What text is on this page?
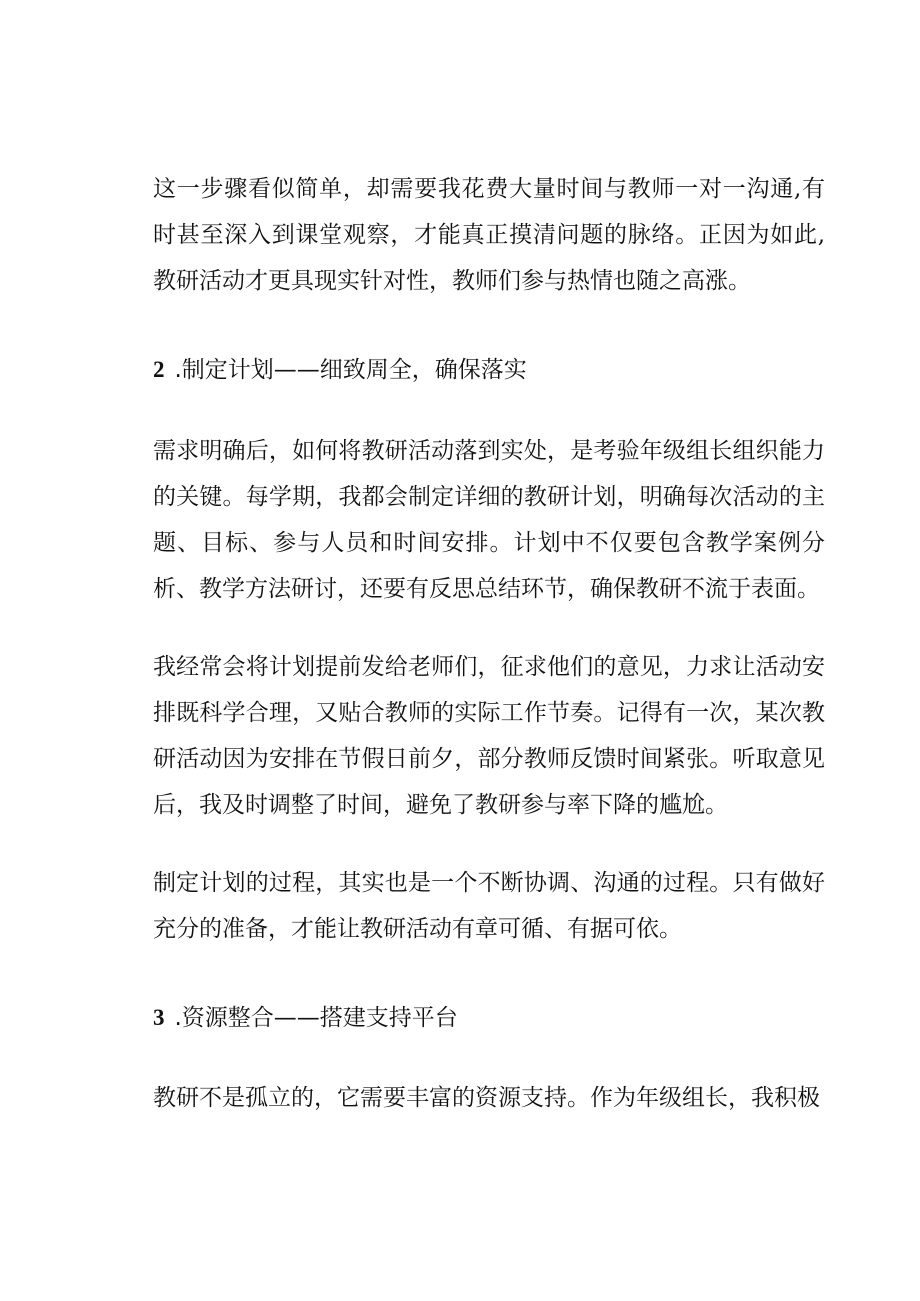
这一步骤看似简单，却需要我花费大量时间与教师一对一沟通,有时甚至深入到课堂观察，才能真正摸清问题的脉络。正因为如此,教研活动才更具现实针对性，教师们参与热情也随之高涨。

2 .制定计划——细致周全，确保落实

需求明确后，如何将教研活动落到实处，是考验年级组长组织能力的关键。每学期，我都会制定详细的教研计划，明确每次活动的主题、目标、参与人员和时间安排。计划中不仅要包含教学案例分析、教学方法研讨，还要有反思总结环节，确保教研不流于表面。

我经常会将计划提前发给老师们，征求他们的意见，力求让活动安排既科学合理，又贴合教师的实际工作节奏。记得有一次，某次教研活动因为安排在节假日前夕，部分教师反馈时间紧张。听取意见后，我及时调整了时间，避免了教研参与率下降的尴尬。

制定计划的过程，其实也是一个不断协调、沟通的过程。只有做好充分的准备，才能让教研活动有章可循、有据可依。

3 .资源整合——搭建支持平台

教研不是孤立的，它需要丰富的资源支持。作为年级组长，我积极
